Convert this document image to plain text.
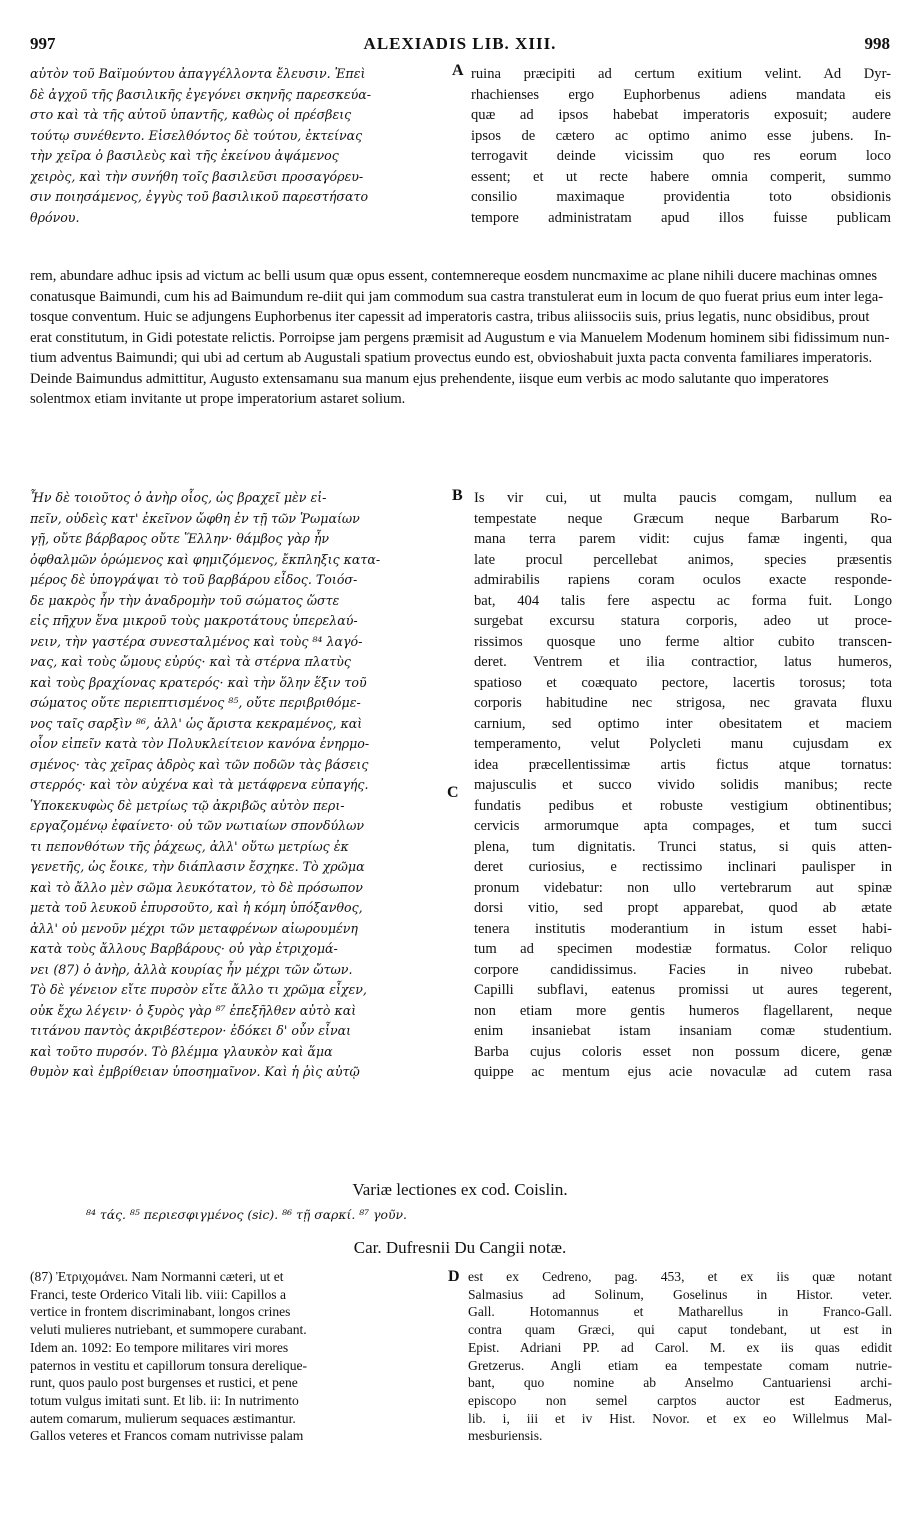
997	ALEXIADIS LIB. XIII.	998
A
αὐτὸν τοῦ Βαϊμούντου ἀπαγγέλλοντα ἔλευσιν. Ἐπεὶ
δὲ ἀγχοῦ τῆς βασιλικῆς ἐγεγόνει σκηνῆς παρεσκεύα-
στο καὶ τὰ τῆς αὐτοῦ ὑπαντῆς, καθὼς οἱ πρέσβεις
τούτῳ συνέθεντο. Εἰσελθόντος δὲ τούτου, ἐκτείνας
τὴν χεῖρα ὁ βασιλεὺς καὶ τῆς ἐκείνου ἀψάμενος
χειρὸς, καὶ τὴν συνήθη τοῖς βασιλεῦσι προσαγόρευ-
σιν ποιησάμενος, ἐγγὺς τοῦ βασιλικοῦ παρεστήσατο
θρόνου.
ruina præcipiti ad certum exitium velint. Ad Dyr-
rhachienses ergo Euphorbenus adiens mandata eis
quæ ad ipsos habebat imperatoris exposuit; audere
ipsos de cætero ac optimo animo esse jubens. In-
terrogavit deinde vicissim quo res eorum loco
essent; et ut recte habere omnia comperit, summo
consilio maximaque providentia toto obsidionis
tempore administratam apud illos fuisse publicam
rem, abundare adhuc ipsis ad victum ac belli usum quæ opus essent, contemnereque eosdem nuncmaxime ac plane nihili ducere machinas omnes conatusque Baimundi, cum his ad Baimundum re-diit qui jam commodum sua castra transtulerat eum in locum de quo fuerat prius eum inter lega-tosque conventum. Huic se adjungens Euphorbenus iter capessit ad imperatoris castra, tribus aliissociis suis, prius legatis, nunc obsidibus, prout erat constitutum, in Gidi potestate relictis. Porroipse jam pergens præmisit ad Augustum e via Manuelem Modenum hominem sibi fidissimum nun-tium adventus Baimundi; qui ubi ad certum ab Augustali spatium provectus eundo est, obvioshabuit juxta pacta conventa familiares imperatoris. Deinde Baimundus admittitur, Augusto extensamanu sua manum ejus prehendente, iisque eum verbis ac modo salutante quo imperatores solentmox etiam invitante ut prope imperatorium astaret solium.
B
C
Ἦν δὲ τοιοῦτος ὁ ἀνὴρ οἷος, ὡς βραχεῖ μὲν εἰ-
πεῖν, οὐδεὶς κατ' ἐκεῖνον ὤφθη ἐν τῇ τῶν Ῥωμαίων
γῇ, οὔτε βάρβαρος οὔτε Ἕλλην· θάμβος γὰρ ἦν
ὀφθαλμῶν ὁρώμενος καὶ φημιζόμενος, ἔκπληξις κατα-
μέρος δὲ ὑπογράψαι τὸ τοῦ βαρβάρου εἶδος. Τοιόσ-
δε μακρὸς ἦν τὴν ἀναδρομὴν τοῦ σώματος ὥστε
εἰς πῆχυν ἕνα μικροῦ τοὺς μακροτάτους ὑπερελαύ-
νειν, τὴν γαστέρα συνεσταλμένος καὶ τοὺς ⁸⁴ λαγό-
νας, καὶ τοὺς ὤμους εὐρύς· καὶ τὰ στέρνα πλατὺς
καὶ τοὺς βραχίονας κρατερός· καὶ τὴν ὅλην ἕξιν τοῦ
σώματος οὔτε περιεπτισμένος ⁸⁵, οὔτε περιβριθόμε-
νος ταῖς σαρξὶν ⁸⁶, ἀλλ' ὡς ἄριστα κεκραμένος, καὶ
οἷον εἰπεῖν κατὰ τὸν Πολυκλείτειον κανόνα ἐνηρμο-
σμένος· τὰς χεῖρας ἁδρὸς καὶ τῶν ποδῶν τὰς βάσεις
στερρός· καὶ τὸν αὐχένα καὶ τὰ μετάφρενα εὐπαγής.
Ὑποκεκυφὼς δὲ μετρίως τῷ ἀκριβῶς αὐτὸν περι-
εργαζομένῳ ἐφαίνετο· οὐ τῶν νωτιαίων σπονδύλων
τι πεπονθότων τῆς ῥάχεως, ἀλλ' οὕτω μετρίως ἐκ
γενετῆς, ὡς ἔοικε, τὴν διάπλασιν ἔσχηκε. Τὸ χρῶμα
καὶ τὸ ἄλλο μὲν σῶμα λευκότατον, τὸ δὲ πρόσωπον
μετὰ τοῦ λευκοῦ ἐπυρσοῦτο, καὶ ἡ κόμη ὑπόξανθος,
ἀλλ' οὐ μενοῦν μέχρι τῶν μεταφρένων αἰωρουμένη
κατὰ τοὺς ἄλλους Βαρβάρους· οὐ γὰρ ἐτριχομά-
νει (87) ὁ ἀνὴρ, ἀλλὰ κουρίας ἦν μέχρι τῶν ὤτων.
Τὸ δὲ γένειον εἴτε πυρσὸν εἴτε ἄλλο τι χρῶμα εἶχεν,
οὐκ ἔχω λέγειν· ὁ ξυρὸς γὰρ ⁸⁷ ἐπεξῆλθεν αὐτὸ καὶ
τιτάνου παντὸς ἀκριβέστερον· ἐδόκει δ' οὖν εἶναι
καὶ τοῦτο πυρσόν. Τὸ βλέμμα γλαυκὸν καὶ ἅμα
θυμὸν καὶ ἐμβρίθειαν ὑποσημαῖνον. Καὶ ἡ ῥὶς αὐτῷ
Is vir cui, ut multa paucis comgam, nullum ea
tempestate neque Græcum neque Barbarum Ro-
mana terra parem vidit: cujus famæ ingenti, qua
late procul percellebat animos, species præsentis
admirabilis rapiens coram oculos exacte responde-
bat, 404 talis fere aspectu ac forma fuit. Longo
surgebat excursu statura corporis, adeo ut proce-
rissimos quosque uno ferme altior cubito transcen-
deret. Ventrem et ilia contractior, latus humeros,
spatioso et coæquato pectore, lacertis torosus; tota
corporis habitudine nec strigosa, nec gravata fluxu
carnium, sed optimo inter obesitatem et maciem
temperamento, velut Polycleti manu cujusdam ex
idea præcellentissimæ artis fictus atque tornatus:
majusculis et succo vivido solidis manibus; recte
fundatis pedibus et robuste vestigium obtinentibus;
cervicis armorumque apta compages, et tum succi
plena, tum dignitatis. Trunci status, si quis atten-
deret curiosius, e rectissimo inclinari paulisper in
pronum videbatur: non ullo vertebrarum aut spinæ
dorsi vitio, sed propt apparebat, quod ab ætate
tenera institutis moderantium in istum esset habi-
tum ad specimen modestiæ formatus. Color reliquo
corpore candidissimus. Facies in niveo rubebat.
Capilli subflavi, eatenus promissi ut aures tegerent,
non etiam more gentis humeros flagellarent, neque
enim insaniebat istam insaniam comæ studentium.
Barba cujus coloris esset non possum dicere, genæ
quippe ac mentum ejus acie novaculæ ad cutem rasa
Variæ lectiones ex cod. Coislin.
⁸⁴ τάς. ⁸⁵ περιεσφιγμένος (sic). ⁸⁶ τῇ σαρκί. ⁸⁷ γοῦν.
Car. Dufresnii Du Cangii notæ.
D
(87) Ἐτριχομάνει. Nam Normanni cæteri, ut et
Franci, teste Orderico Vitali lib. viii: Capillos a
vertice in frontem discriminabant, longos crines
veluti mulieres nutriebant, et summopere curabant.
Idem an. 1092: Eo tempore militares viri mores
paternos in vestitu et capillorum tonsura dereliquе-
runt, quos paulo post burgenses et rustici, et pene
totum vulgus imitati sunt. Et lib. ii: In nutrimento
autem comarum, mulierum sequaces æstimantur.
Gallos veteres et Francos comam nutrivisse palam
est ex Cedreno, pag. 453, et ex iis quæ notant
Salmasius ad Solinum, Goselinus in Histor. veter.
Gall. Hotomannus et Matharellus in Franco-Gall.
contra quam Græci, qui caput tondebant, ut est in
Epist. Adriani PP. ad Carol. M. ex iis quas edidit
Gretzerus. Angli etiam ea tempestate comam nutrie-
bant, quo nomine ab Anselmo Cantuariensi archi-
episcopo non semel carptos auctor est Eadmerus,
lib. i, iii et iv Hist. Novor. et ex eo Willelmus Mal-
mesburiensis.
